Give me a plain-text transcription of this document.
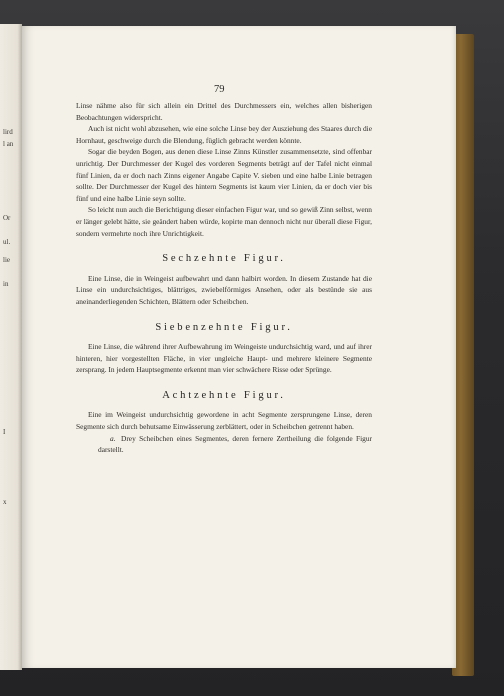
lird
l an
Or
ul.
lie
in
I
x
79

Linse nähme also für sich allein ein Drittel des Durchmessers ein, welches allen bisherigen Beobachtungen widerspricht.

Auch ist nicht wohl abzusehen, wie eine solche Linse bey der Ausziehung des Staares durch die Hornhaut, geschweige durch die Blendung, füglich gebracht werden könnte.

Sogar die beyden Bogen, aus denen diese Linse Zinns Künstler zusammensetzte, sind offenbar unrichtig. Der Durchmesser der Kugel des vorderen Segments beträgt auf der Tafel nicht einmal fünf Linien, da er doch nach Zinns eigener Angabe Capite V. sieben und eine halbe Linie betragen sollte. Der Durchmesser der Kugel des hintern Segments ist kaum vier Linien, da er doch vier bis fünf und eine halbe Linie seyn sollte.

So leicht nun auch die Berichtigung dieser einfachen Figur war, und so gewiß Zinn selbst, wenn er länger gelebt hätte, sie geändert haben würde, kopirte man dennoch nicht nur überall diese Figur, sondern vermehrte noch ihre Unrichtigkeit.

Sechzehnte Figur.

Eine Linse, die in Weingeist aufbewahrt und dann halbirt worden. In diesem Zustande hat die Linse ein undurchsichtiges, blättriges, zwiebelförmiges Ansehen, oder als bestünde sie aus aneinanderliegenden Schichten, Blättern oder Scheibchen.

Siebenzehnte Figur.

Eine Linse, die während ihrer Aufbewahrung im Weingeiste undurchsichtig ward, und auf ihrer hinteren, hier vorgestellten Fläche, in vier ungleiche Haupt- und mehrere kleinere Segmente zersprang. In jedem Hauptsegmente erkennt man vier schwächere Risse oder Sprünge.

Achtzehnte Figur.

Eine im Weingeist undurchsichtig gewordene in acht Segmente zersprungene Linse, deren Segmente sich durch behutsame Einwässerung zerblättert, oder in Scheibchen getrennt haben.

a. Drey Scheibchen eines Segmentes, deren fernere Zertheilung die folgende Figur darstellt.
